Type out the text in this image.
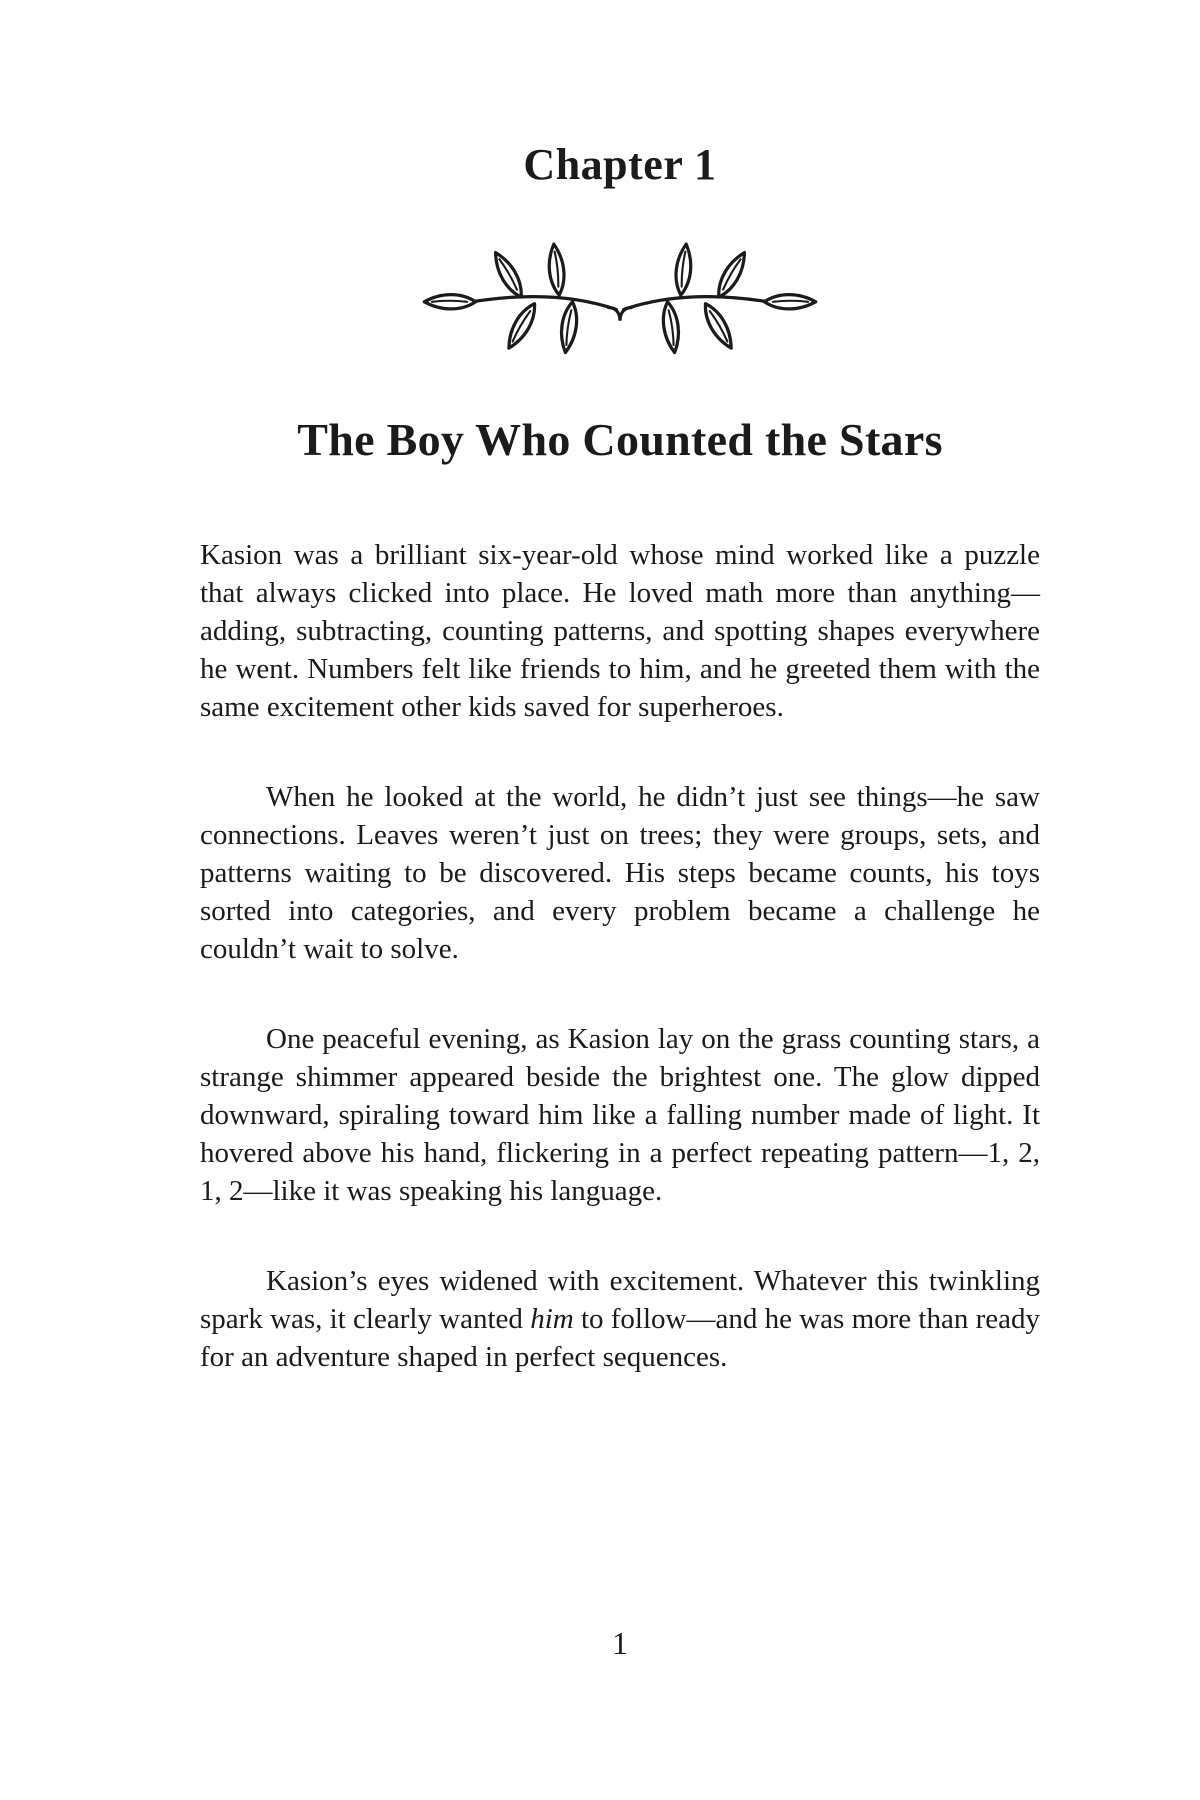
Chapter 1
The Boy Who Counted the Stars

Kasion was a brilliant six-year-old whose mind worked like a puzzle that always clicked into place. He loved math more than anything—adding, subtracting, counting patterns, and spotting shapes everywhere he went. Numbers felt like friends to him, and he greeted them with the same excitement other kids saved for superheroes.

When he looked at the world, he didn’t just see things—he saw connections. Leaves weren’t just on trees; they were groups, sets, and patterns waiting to be discovered. His steps became counts, his toys sorted into categories, and every problem became a challenge he couldn’t wait to solve.

One peaceful evening, as Kasion lay on the grass counting stars, a strange shimmer appeared beside the brightest one. The glow dipped downward, spiraling toward him like a falling number made of light. It hovered above his hand, flickering in a perfect repeating pattern—1, 2, 1, 2—like it was speaking his language.

Kasion’s eyes widened with excitement. Whatever this twinkling spark was, it clearly wanted him to follow—and he was more than ready for an adventure shaped in perfect sequences.

1
